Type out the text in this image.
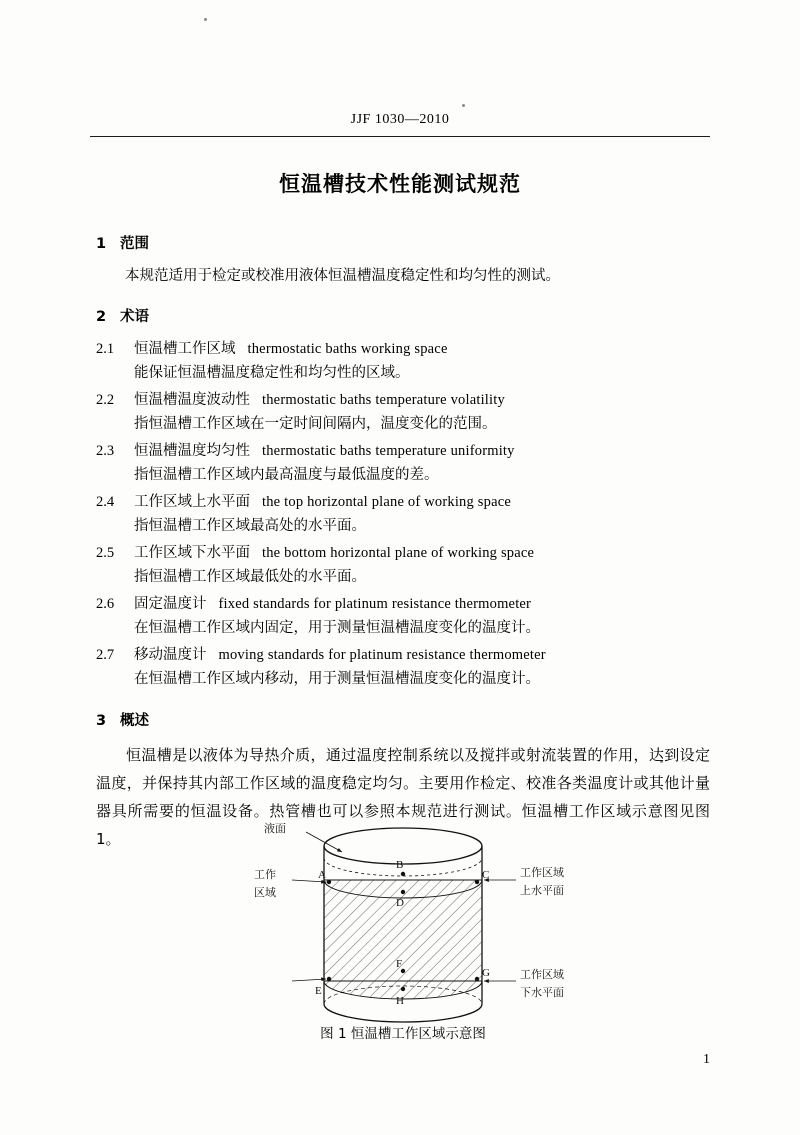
JJF 1030—2010
恒温槽技术性能测试规范
1 范围

本规范适用于检定或校准用液体恒温槽温度稳定性和均匀性的测试。

2 术语
2.1 恒温槽工作区域 thermostatic baths working space
能保证恒温槽温度稳定性和均匀性的区域。
2.2 恒温槽温度波动性 thermostatic baths temperature volatility
指恒温槽工作区域在一定时间间隔内，温度变化的范围。
2.3 恒温槽温度均匀性 thermostatic baths temperature uniformity
指恒温槽工作区域内最高温度与最低温度的差。
2.4 工作区域上水平面 the top horizontal plane of working space
指恒温槽工作区域最高处的水平面。
2.5 工作区域下水平面 the bottom horizontal plane of working space
指恒温槽工作区域最低处的水平面。
2.6 固定温度计 fixed standards for platinum resistance thermometer
在恒温槽工作区域内固定，用于测量恒温槽温度变化的温度计。
2.7 移动温度计 moving standards for platinum resistance thermometer
在恒温槽工作区域内移动，用于测量恒温槽温度变化的温度计。
3 概述

恒温槽是以液体为导热介质，通过温度控制系统以及搅拌或射流装置的作用，达到设定温度，并保持其内部工作区域的温度稳定均匀。主要用作检定、校准各类温度计或其他计量器具所需要的恒温设备。热管槽也可以参照本规范进行测试。恒温槽工作区域示意图见图 1。

A
B
C
D
E
F
G
H
液面
工作
区域
工作区域
上水平面
工作区域
下水平面
图 1 恒温槽工作区域示意图
1
